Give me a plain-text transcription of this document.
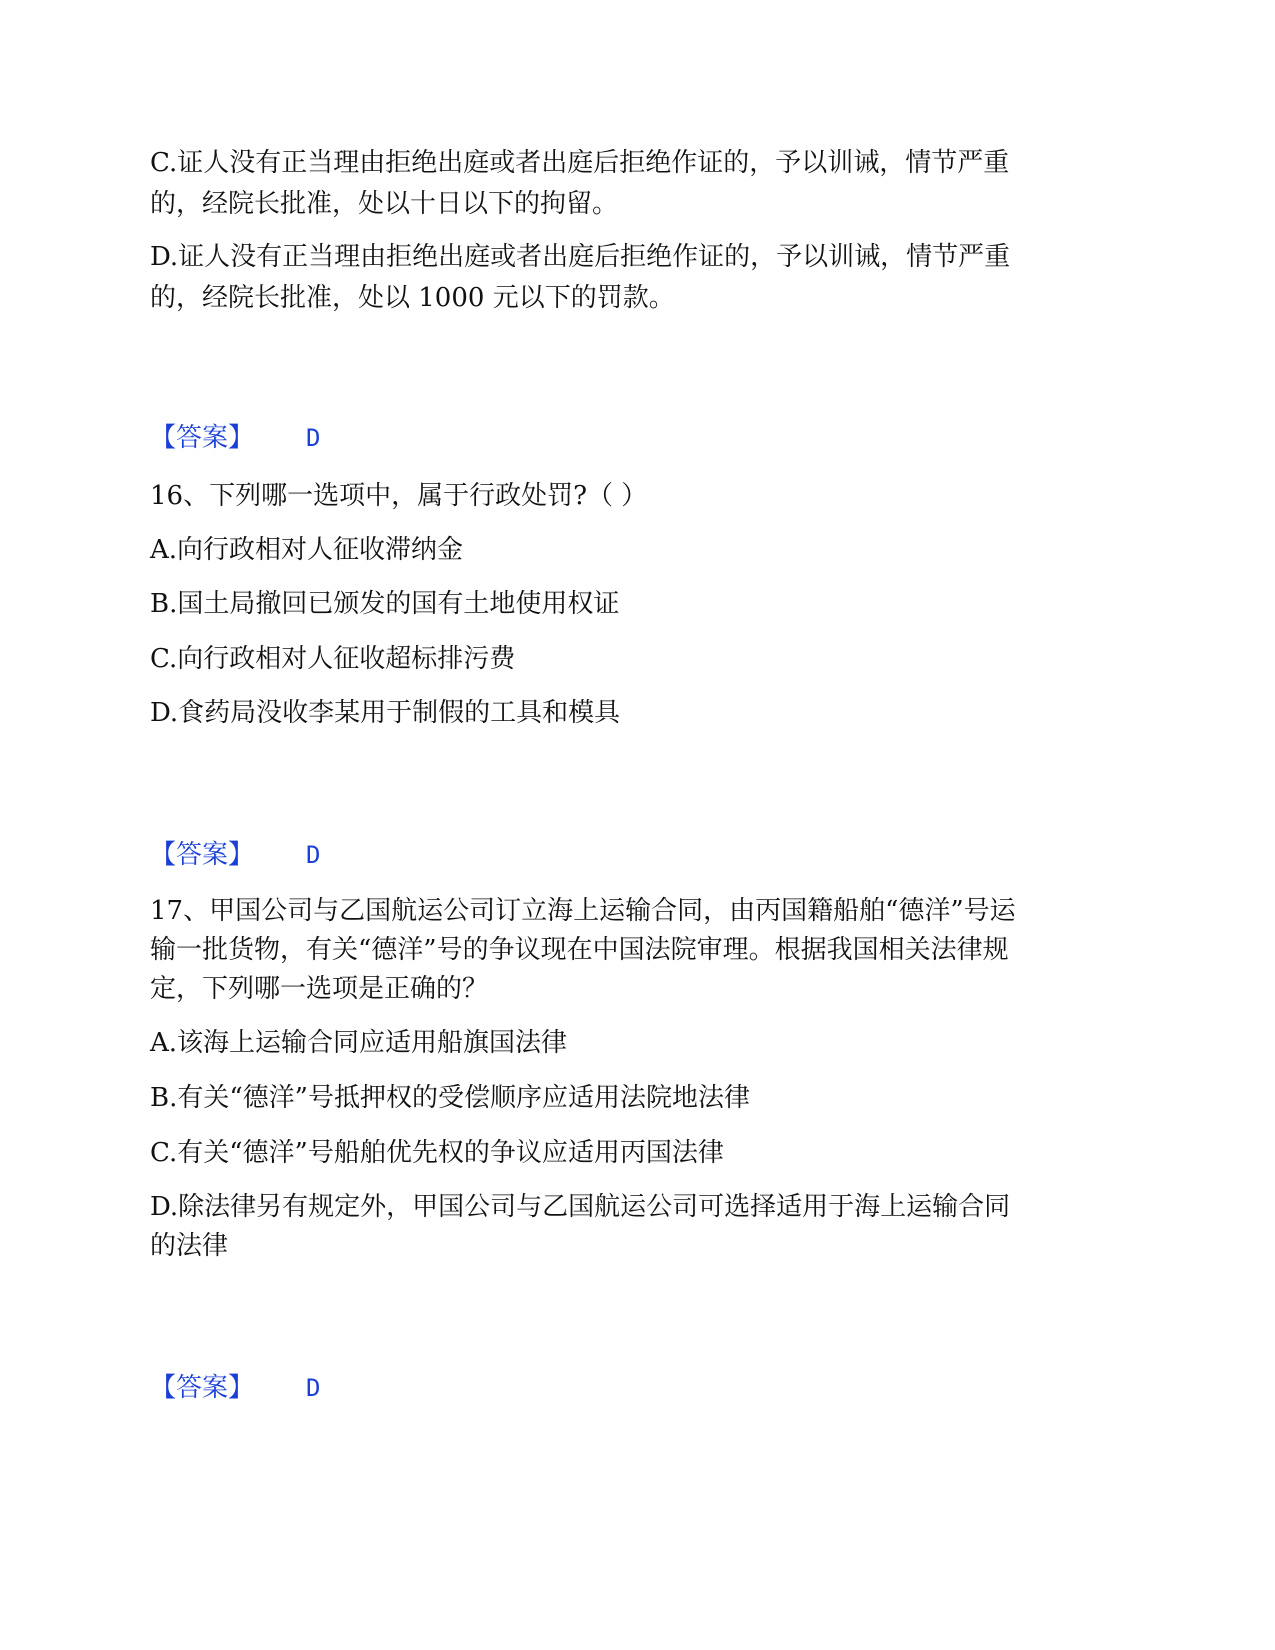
C.证人没有正当理由拒绝出庭或者出庭后拒绝作证的，予以训诫，情节严重
的，经院长批准，处以十日以下的拘留。
D.证人没有正当理由拒绝出庭或者出庭后拒绝作证的，予以训诫，情节严重
的，经院长批准，处以 1000 元以下的罚款。
【答案】 D
16、下列哪一选项中，属于行政处罚?（ ）
A.向行政相对人征收滞纳金
B.国土局撤回已颁发的国有土地使用权证
C.向行政相对人征收超标排污费
D.食药局没收李某用于制假的工具和模具
【答案】 D
17、甲国公司与乙国航运公司订立海上运输合同，由丙国籍船舶“德洋”号运
输一批货物，有关“德洋”号的争议现在中国法院审理。根据我国相关法律规
定，下列哪一选项是正确的？
A.该海上运输合同应适用船旗国法律
B.有关“德洋”号抵押权的受偿顺序应适用法院地法律
C.有关“德洋”号船舶优先权的争议应适用丙国法律
D.除法律另有规定外，甲国公司与乙国航运公司可选择适用于海上运输合同
的法律
【答案】 D
